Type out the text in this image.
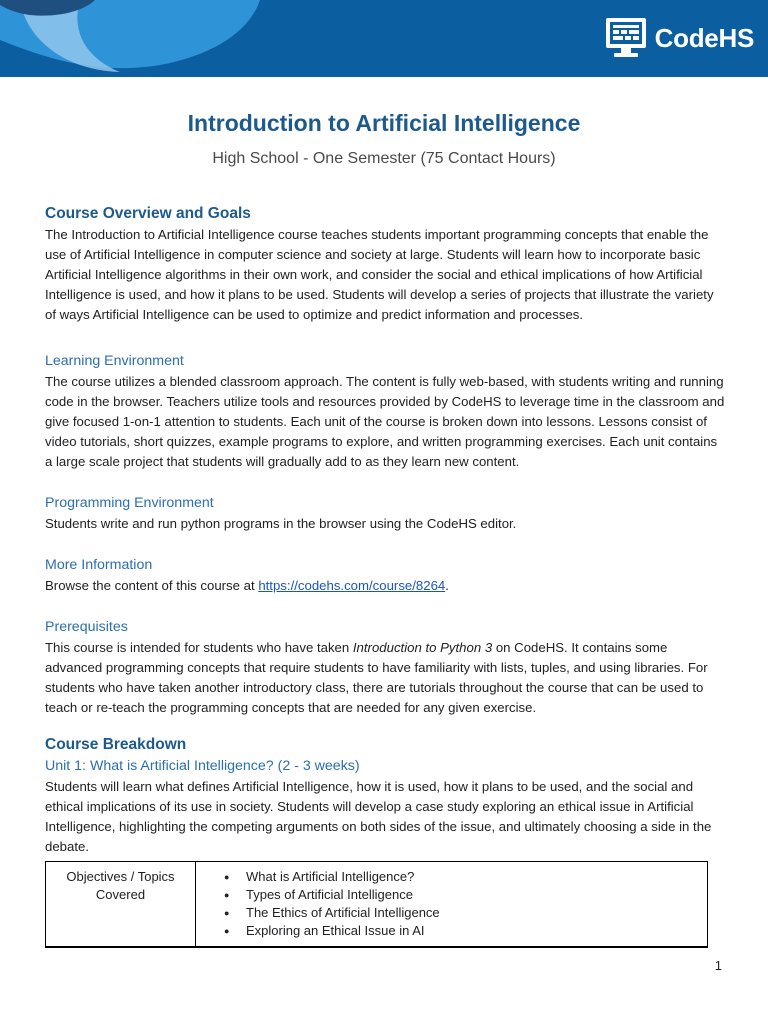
CodeHS
Introduction to Artificial Intelligence
High School - One Semester (75 Contact Hours)
Course Overview and Goals

The Introduction to Artificial Intelligence course teaches students important programming concepts that enable the use of Artificial Intelligence in computer science and society at large. Students will learn how to incorporate basic Artificial Intelligence algorithms in their own work, and consider the social and ethical implications of how Artificial Intelligence is used, and how it plans to be used. Students will develop a series of projects that illustrate the variety of ways Artificial Intelligence can be used to optimize and predict information and processes.

Learning Environment

The course utilizes a blended classroom approach. The content is fully web-based, with students writing and running code in the browser. Teachers utilize tools and resources provided by CodeHS to leverage time in the classroom and give focused 1-on-1 attention to students. Each unit of the course is broken down into lessons. Lessons consist of video tutorials, short quizzes, example programs to explore, and written programming exercises. Each unit contains a large scale project that students will gradually add to as they learn new content.

Programming Environment

Students write and run python programs in the browser using the CodeHS editor.

More Information

Browse the content of this course at https://codehs.com/course/8264.

Prerequisites

This course is intended for students who have taken Introduction to Python 3 on CodeHS. It contains some advanced programming concepts that require students to have familiarity with lists, tuples, and using libraries. For students who have taken another introductory class, there are tutorials throughout the course that can be used to teach or re-teach the programming concepts that are needed for any given exercise.

Course Breakdown
Unit 1: What is Artificial Intelligence? (2 - 3 weeks)

Students will learn what defines Artificial Intelligence, how it is used, how it plans to be used, and the social and ethical implications of its use in society. Students will develop a case study exploring an ethical issue in Artificial Intelligence, highlighting the competing arguments on both sides of the issue, and ultimately choosing a side in the debate.

Objectives / Topics Covered	
● What is Artificial Intelligence?
● Types of Artificial Intelligence
● The Ethics of Artificial Intelligence
● Exploring an Ethical Issue in AI
1
